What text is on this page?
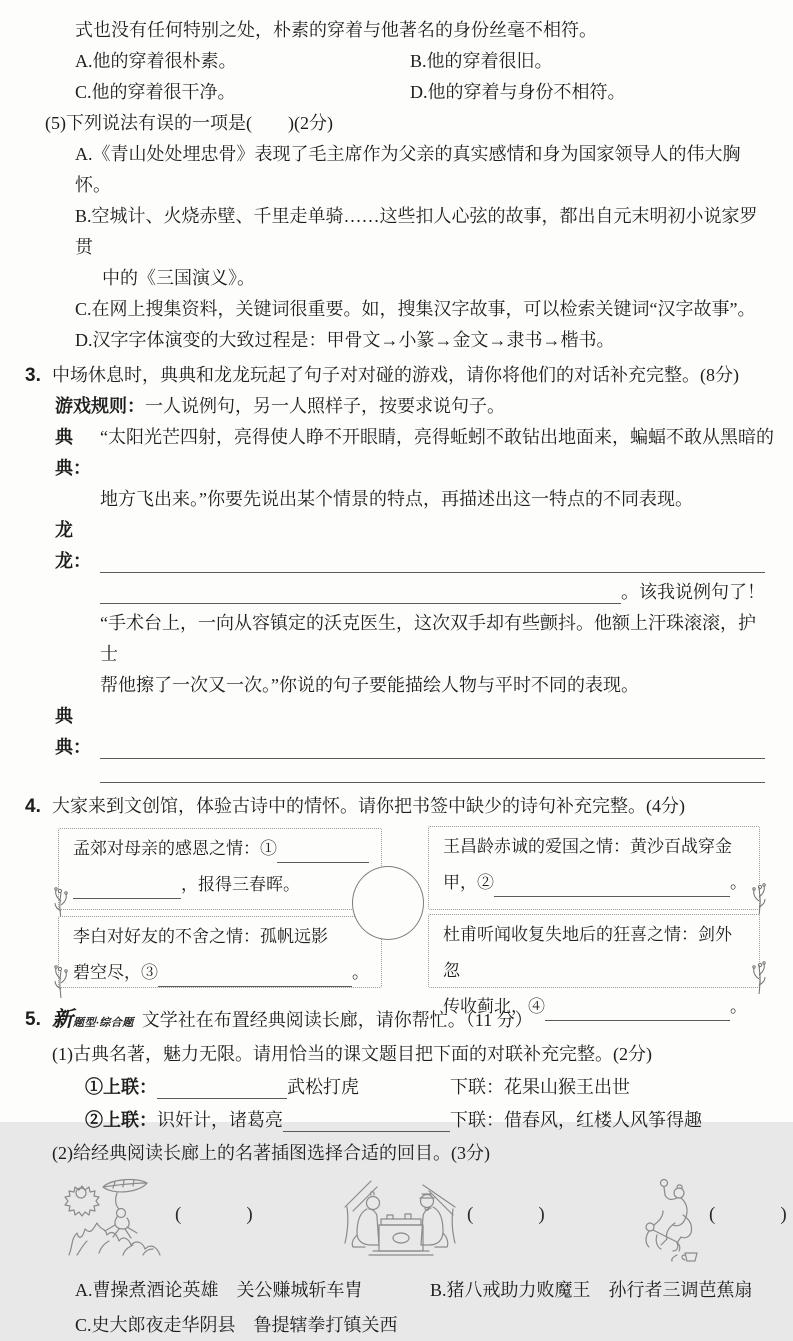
式也没有任何特别之处，朴素的穿着与他著名的身份丝毫不相符。
A.他的穿着很朴素。	B.他的穿着很旧。
C.他的穿着很干净。	D.他的穿着与身份不相符。
(5)下列说法有误的一项是(　　)(2分)
A.《青山处处埋忠骨》表现了毛主席作为父亲的真实感情和身为国家领导人的伟大胸怀。
B.空城计、火烧赤壁、千里走单骑……这些扣人心弦的故事，都出自元末明初小说家罗贯
中的《三国演义》。
C.在网上搜集资料，关键词很重要。如，搜集汉字故事，可以检索关键词“汉字故事”。
D.汉字字体演变的大致过程是：甲骨文→小篆→金文→隶书→楷书。
3. 中场休息时，典典和龙龙玩起了句子对对碰的游戏，请你将他们的对话补充完整。(8分)
游戏规则：一人说例句，另一人照样子，按要求说句子。
典典：
“太阳光芒四射，亮得使人睁不开眼睛，亮得蚯蚓不敢钻出地面来，蝙蝠不敢从黑暗的
地方飞出来。”你要先说出某个情景的特点，再描述出这一特点的不同表现。
龙龙：
。该我说例句了！
“手术台上，一向从容镇定的沃克医生，这次双手却有些颤抖。他额上汗珠滚滚，护士
帮他擦了一次又一次。”你说的句子要能描绘人物与平时不同的表现。
典典：
4. 大家来到文创馆，体验古诗中的情怀。请你把书签中缺少的诗句补充完整。(4分)
孟郊对母亲的感恩之情：①
，报得三春晖。
王昌龄赤诚的爱国之情：黄沙百战穿金
甲，②	。
李白对好友的不舍之情：孤帆远影
碧空尽，③	。
杜甫听闻收复失地后的狂喜之情：剑外忽
传收蓟北，④	。
5. 新题型·综合题 文学社在布置经典阅读长廊，请你帮忙。（11 分）
(1)古典名著，魅力无限。请用恰当的课文题目把下面的对联补充完整。(2分)
①上联：	武松打虎	下联：花果山猴王出世
②上联： 识奸计，诸葛亮	下联：借春风，红楼人风筝得趣
(2)给经典阅读长廊上的名著插图选择合适的回目。(3分)
(　　　)	(　　　)	(　　　)
A.曹操煮酒论英雄　关公赚城斩车胄	B.猪八戒助力败魔王　孙行者三调芭蕉扇
C.史大郎夜走华阴县　鲁提辖拳打镇关西
